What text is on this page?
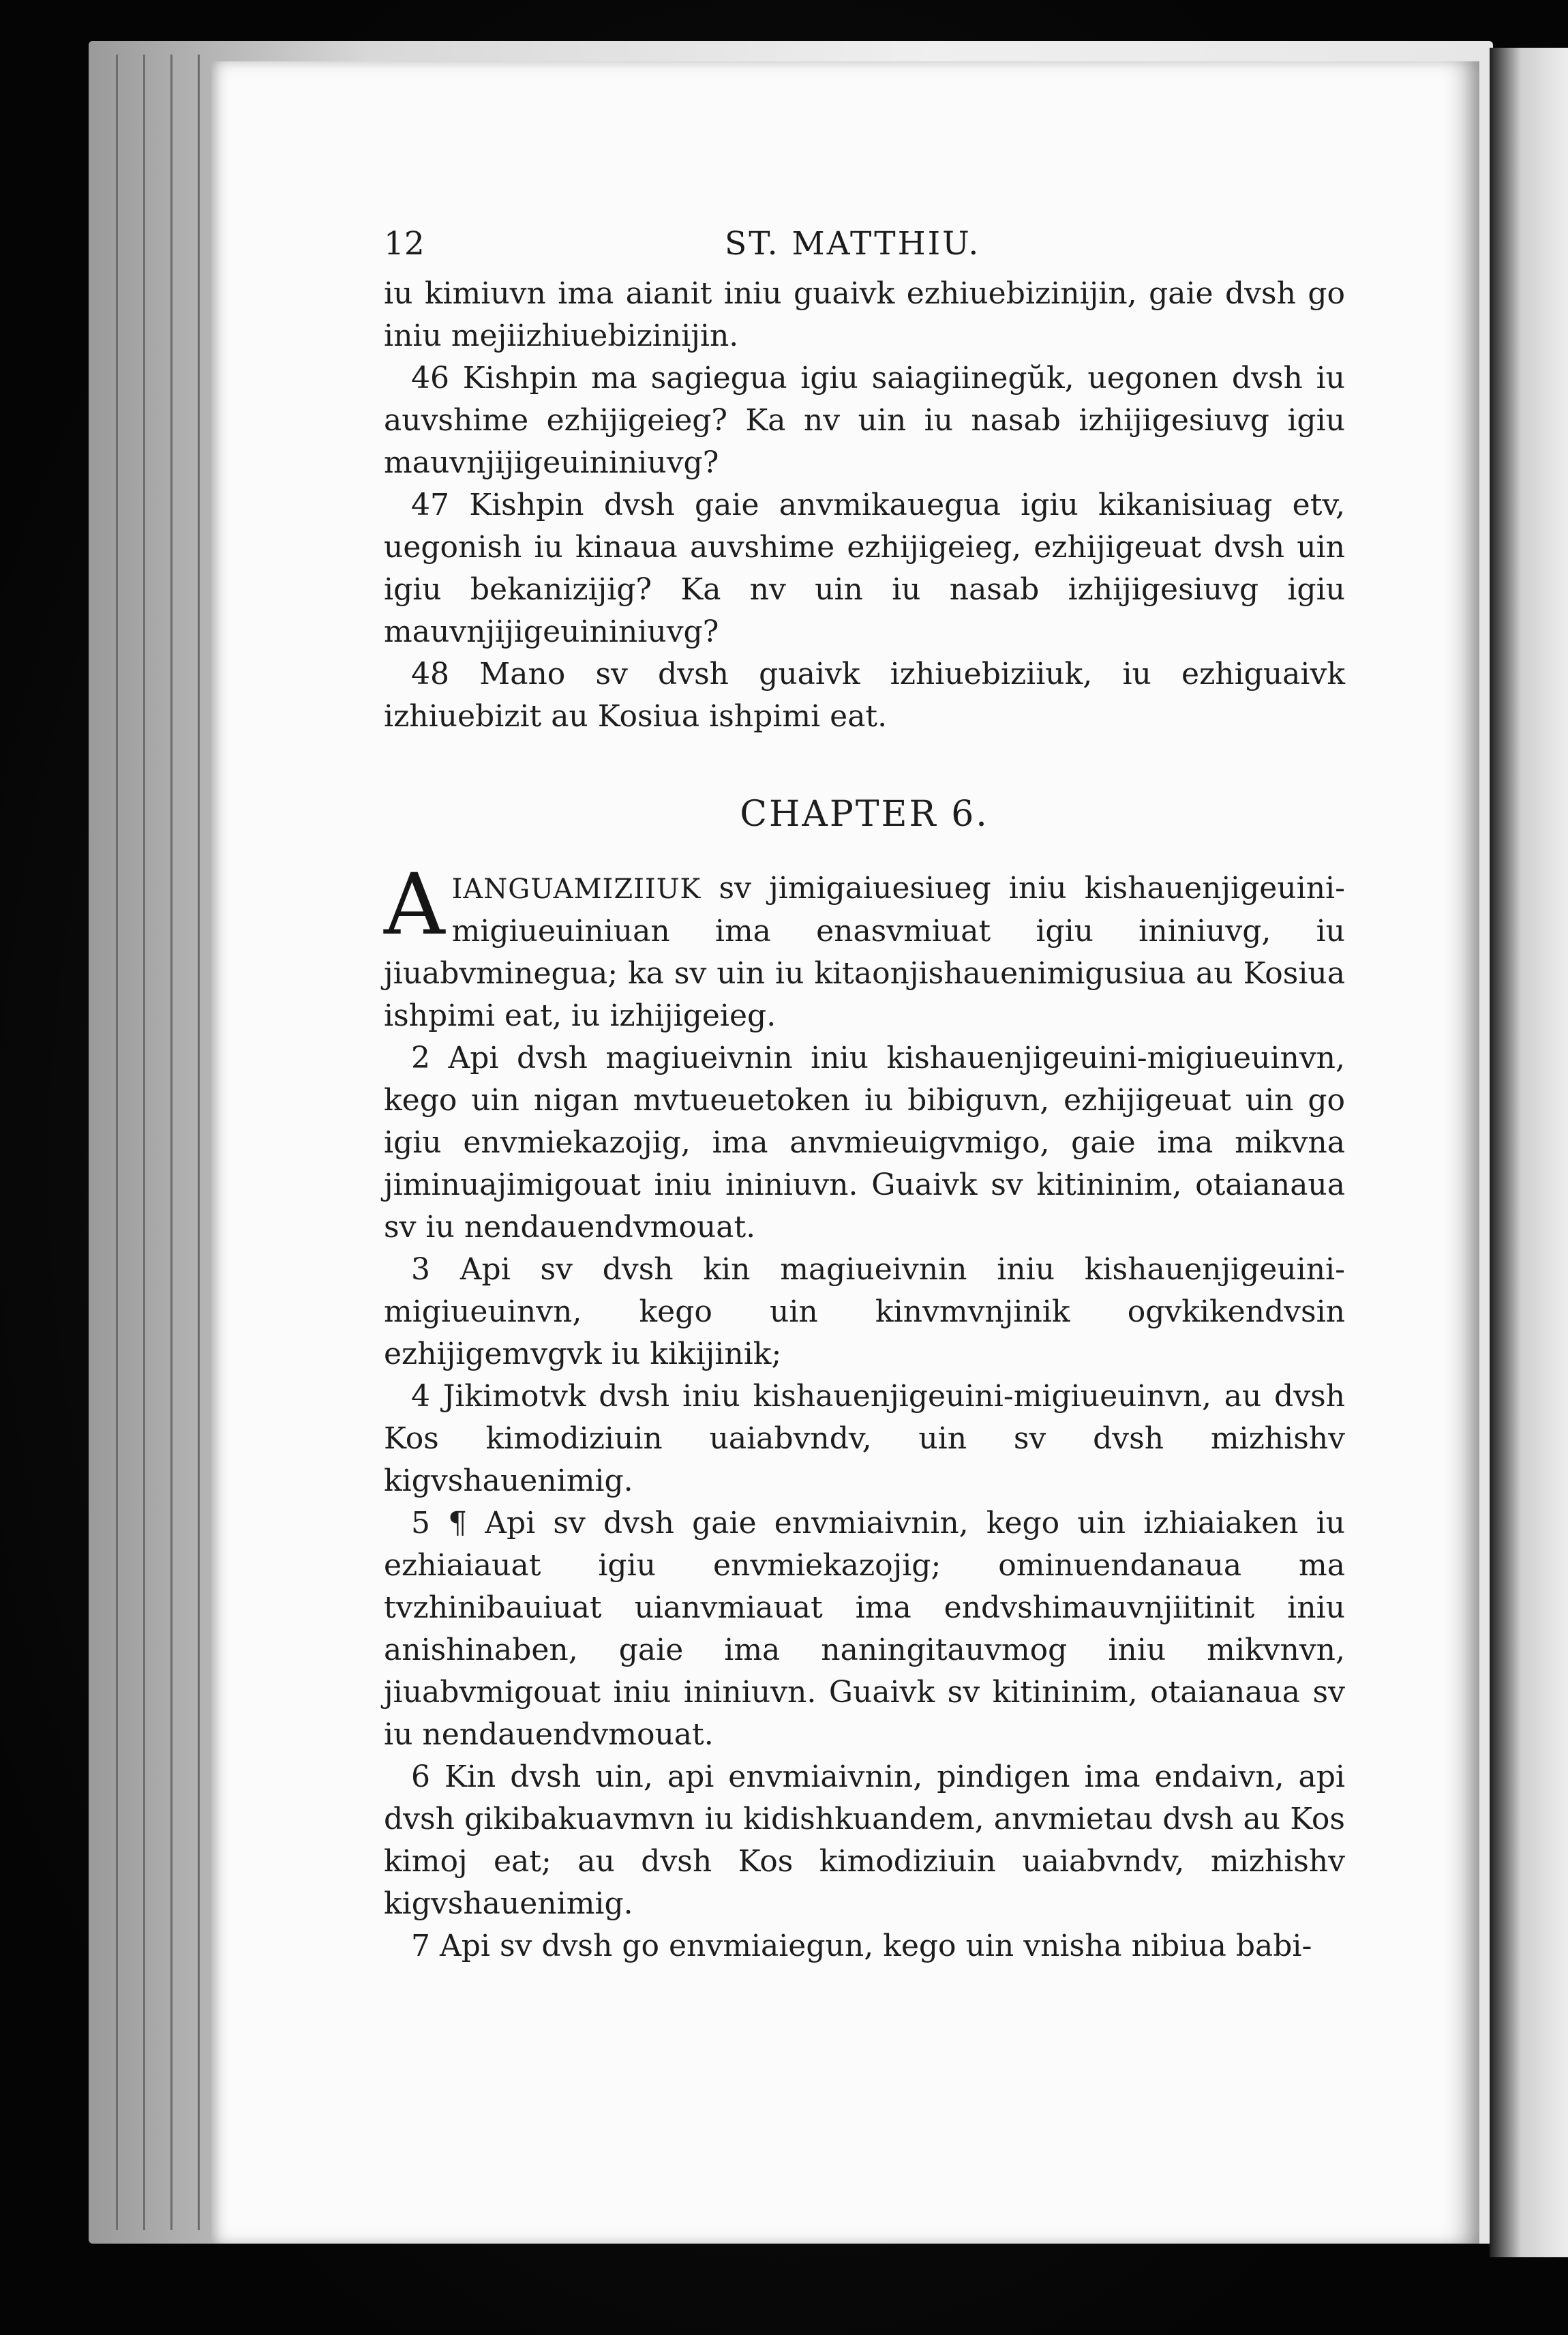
12	ST. MATTHIU.

iu kimiuvn ima aianit iniu guaivk ezhiuebizinijin, gaie dvsh go iniu mejiizhiuebizinijin.

46 Kishpin ma sagiegua igiu saiagiinegŭk, uegonen dvsh iu auvshime ezhijigeieg? Ka nv uin iu nasab izhijigesiuvg igiu mauvnjijigeuininiuvg?

47 Kishpin dvsh gaie anvmikauegua igiu kikanisiuag etv, uegonish iu kinaua auvshime ezhijigeieg, ezhijigeuat dvsh uin igiu bekanizijig? Ka nv uin iu nasab izhijigesiuvg igiu mauvnjijigeuininiuvg?

48 Mano sv dvsh guaivk izhiuebiziiuk, iu ezhiguaivk izhiuebizit au Kosiua ishpimi eat.

CHAPTER 6.

AIANGUAMIZIIUK sv jimigaiuesiueg iniu kishauenjigeuini-migiueuiniuan ima enasvmiuat igiu ininiuvg, iu jiuabvminegua; ka sv uin iu kitaonjishauenimigusiua au Kosiua ishpimi eat, iu izhijigeieg.

2 Api dvsh magiueivnin iniu kishauenjigeuini-migiueuinvn, kego uin nigan mvtueuetoken iu bibiguvn, ezhijigeuat uin go igiu envmiekazojig, ima anvmieuigvmigo, gaie ima mikvna jiminuajimigouat iniu ininiuvn. Guaivk sv kitininim, otaianaua sv iu nendauendvmouat.

3 Api sv dvsh kin magiueivnin iniu kishauenjigeuini-migiueuinvn, kego uin kinvmvnjinik ogvkikendvsin ezhijigemvgvk iu kikijinik;

4 Jikimotvk dvsh iniu kishauenjigeuini-migiueuinvn, au dvsh Kos kimodiziuin uaiabvndv, uin sv dvsh mizhishv kigvshauenimig.

5 ¶ Api sv dvsh gaie envmiaivnin, kego uin izhiaiaken iu ezhiaiauat igiu envmiekazojig; ominuendanaua ma tvzhinibauiuat uianvmiauat ima endvshimauvnjiitinit iniu anishinaben, gaie ima naningitauvmog iniu mikvnvn, jiuabvmigouat iniu ininiuvn. Guaivk sv kitininim, otaianaua sv iu nendauendvmouat.

6 Kin dvsh uin, api envmiaivnin, pindigen ima endaivn, api dvsh gikibakuavmvn iu kidishkuandem, anvmietau dvsh au Kos kimoj eat; au dvsh Kos kimodiziuin uaiabvndv, mizhishv kigvshauenimig.

7 Api sv dvsh go envmiaiegun, kego uin vnisha nibiua babi-
